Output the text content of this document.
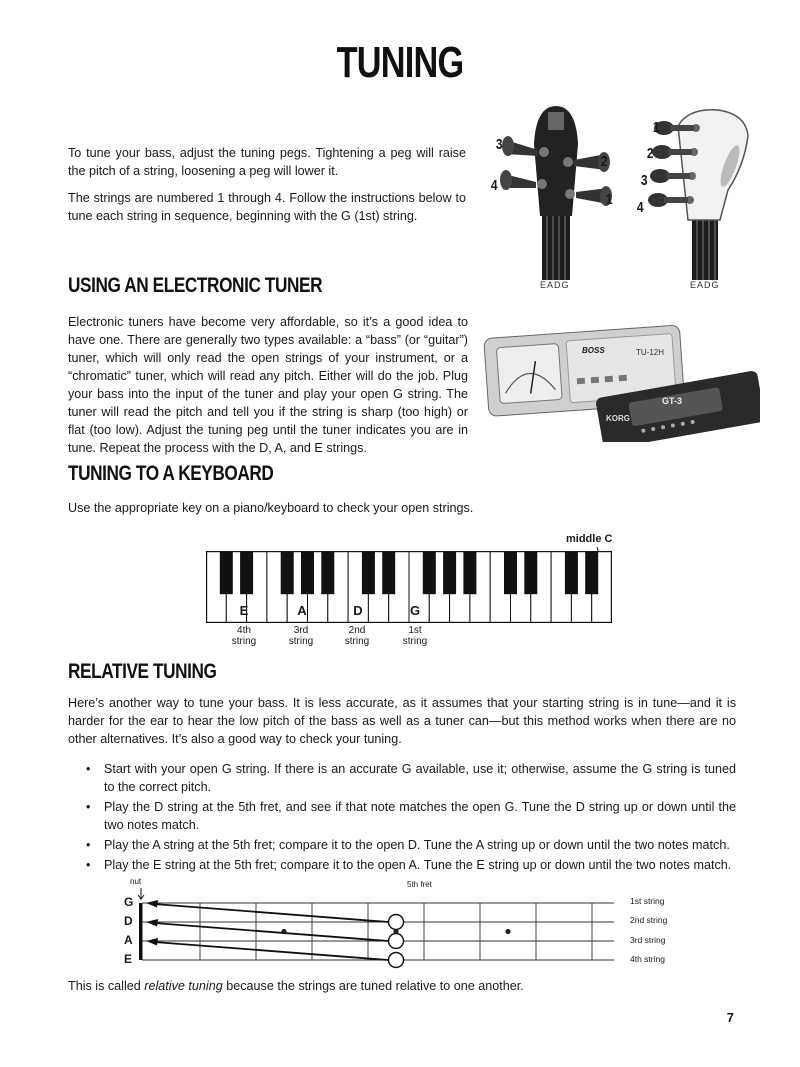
TUNING

To tune your bass, adjust the tuning pegs. Tightening a peg will raise the pitch of a string, loosening a peg will lower it.

The strings are numbered 1 through 4. Follow the instructions below to tune each string in sequence, beginning with the G (1st) string.

3
2
4
1
EADG
1
2
3
4
EADG
USING AN ELECTRONIC TUNER

Electronic tuners have become very affordable, so it’s a good idea to have one. There are generally two types available: a “bass” (or “guitar”) tuner, which will only read the open strings of your instrument, or a “chromatic” tuner, which will read any pitch. Either will do the job. Plug your bass into the input of the tuner and play your open G string. The tuner will read the pitch and tell you if the string is sharp (too high) or flat (too low). Adjust the tuning peg until the tuner indicates you are in tune. Repeat the process with the D, A, and E strings.

BOSS	TU-12H
KORG
GT-3
TUNING TO A KEYBOARD

Use the appropriate key on a piano/keyboard to check your open strings.

middle C
E	A	D	G
4th
string
3rd
string
2nd
string
1st
string
RELATIVE TUNING

Here’s another way to tune your bass. It is less accurate, as it assumes that your starting string is in tune—and it is harder for the ear to hear the low pitch of the bass as well as a tuner can—but this method works when there are no other alternatives. It’s also a good way to check your tuning.

• Start with your open G string. If there is an accurate G available, use it; otherwise, assume the G string is tuned to the correct pitch.
• Play the D string at the 5th fret, and see if that note matches the open G. Tune the D string up or down until the two notes match.
• Play the A string at the 5th fret; compare it to the open D. Tune the A string up or down until the two notes match.
• Play the E string at the 5th fret; compare it to the open A. Tune the E string up or down until the two notes match.
nut	5th fret
G
D
A
E
1st string
2nd string
3rd string
4th string

This is called relative tuning because the strings are tuned relative to one another.

7
